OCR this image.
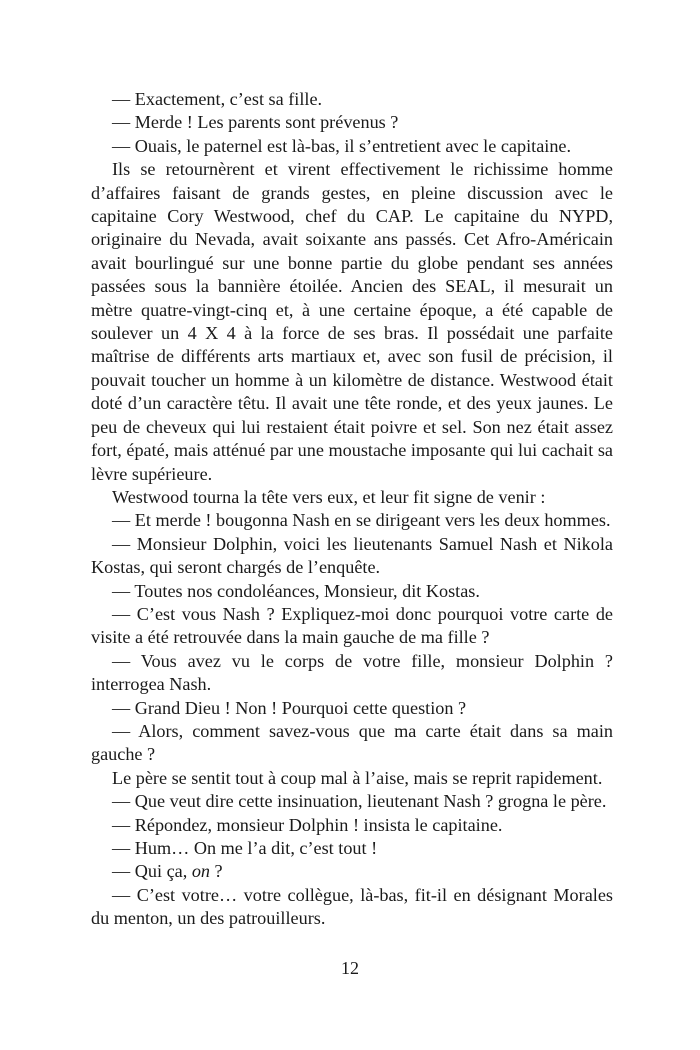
— Exactement, c’est sa fille.

— Merde ! Les parents sont prévenus ?

— Ouais, le paternel est là-bas, il s’entretient avec le capitaine.

Ils se retournèrent et virent effectivement le richissime homme d’affaires faisant de grands gestes, en pleine discussion avec le capitaine Cory Westwood, chef du CAP. Le capitaine du NYPD, originaire du Nevada, avait soixante ans passés. Cet Afro-Américain avait bourlingué sur une bonne partie du globe pendant ses années passées sous la bannière étoilée. Ancien des SEAL, il mesurait un mètre quatre-vingt-cinq et, à une certaine époque, a été capable de soulever un 4 X 4 à la force de ses bras. Il possédait une parfaite maîtrise de différents arts martiaux et, avec son fusil de précision, il pouvait toucher un homme à un kilomètre de distance. Westwood était doté d’un caractère têtu. Il avait une tête ronde, et des yeux jaunes. Le peu de cheveux qui lui restaient était poivre et sel. Son nez était assez fort, épaté, mais atténué par une moustache imposante qui lui cachait sa lèvre supérieure.

Westwood tourna la tête vers eux, et leur fit signe de venir :

— Et merde ! bougonna Nash en se dirigeant vers les deux hommes.

— Monsieur Dolphin, voici les lieutenants Samuel Nash et Nikola Kostas, qui seront chargés de l’enquête.

— Toutes nos condoléances, Monsieur, dit Kostas.

— C’est vous Nash ? Expliquez-moi donc pourquoi votre carte de visite a été retrouvée dans la main gauche de ma fille ?

— Vous avez vu le corps de votre fille, monsieur Dolphin ? interrogea Nash.

— Grand Dieu ! Non ! Pourquoi cette question ?

— Alors, comment savez-vous que ma carte était dans sa main gauche ?

Le père se sentit tout à coup mal à l’aise, mais se reprit rapidement.

— Que veut dire cette insinuation, lieutenant Nash ? grogna le père.

— Répondez, monsieur Dolphin ! insista le capitaine.

— Hum… On me l’a dit, c’est tout !

— Qui ça, on ?

— C’est votre… votre collègue, là-bas, fit-il en désignant Morales du menton, un des patrouilleurs.

12
